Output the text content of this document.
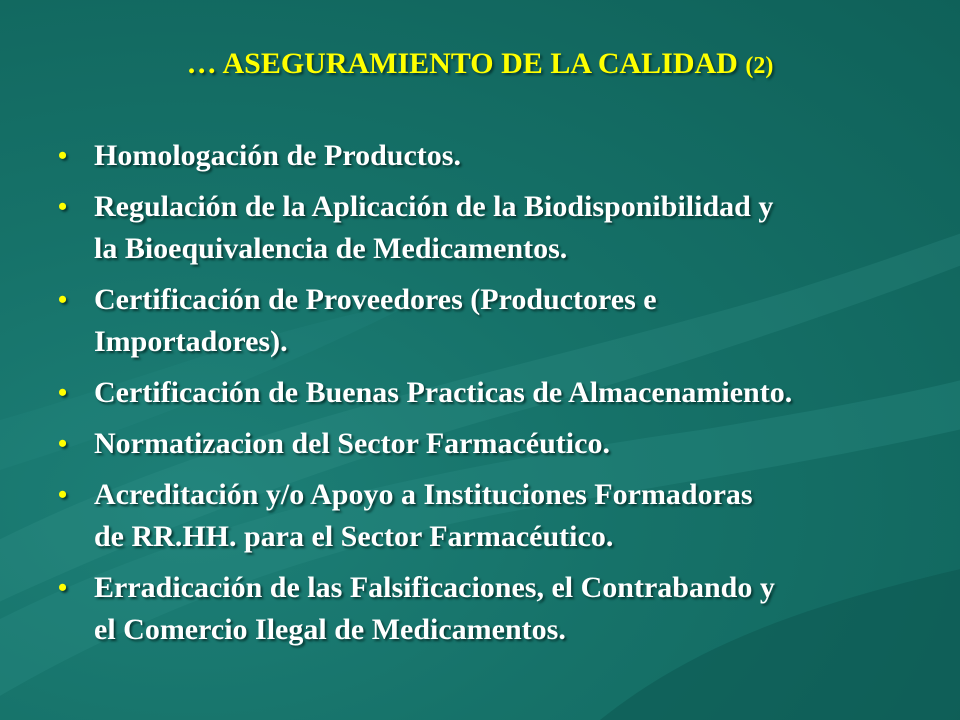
… ASEGURAMIENTO DE LA CALIDAD (2)
• Homologación de Productos.
• Regulación de la Aplicación de la Biodisponibilidad y
la Bioequivalencia de Medicamentos.
• Certificación de Proveedores (Productores e
Importadores).
• Certificación de Buenas Practicas de Almacenamiento.
• Normatizacion del Sector Farmacéutico.
• Acreditación y/o Apoyo a Instituciones Formadoras
de RR.HH. para el Sector Farmacéutico.
• Erradicación de las Falsificaciones, el Contrabando y
el Comercio Ilegal de Medicamentos.
